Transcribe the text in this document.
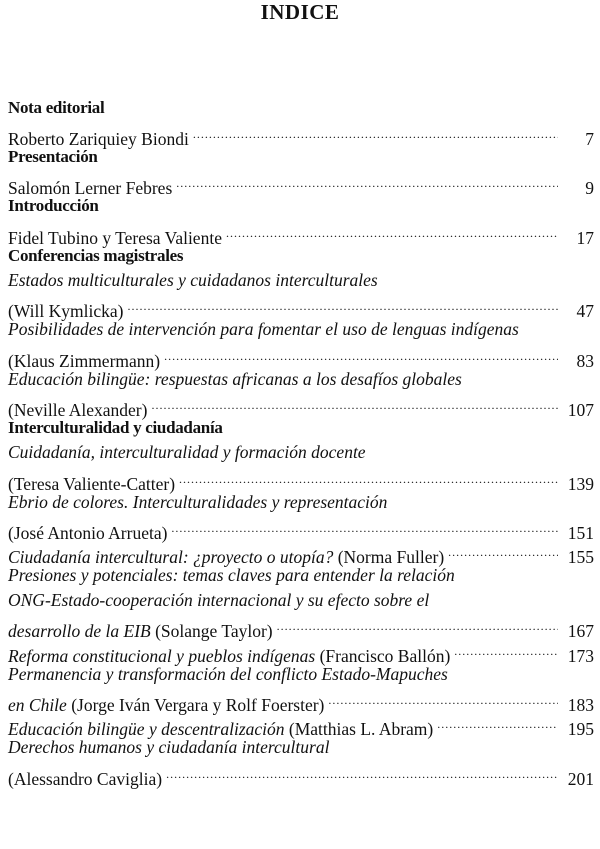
INDICE
Nota editorial
Roberto Zariquiey Biondi .....	7
Presentación
Salomón Lerner Febres .....	9
Introducción
Fidel Tubino y Teresa Valiente .....	17
Conferencias magistrales
Estados multiculturales y cuidadanos interculturales
(Will Kymlicka) .....	47
Posibilidades de intervención para fomentar el uso de lenguas indígenas
(Klaus Zimmermann) .....	83
Educación bilingüe: respuestas africanas a los desafíos globales
(Neville Alexander) .....	107
Interculturalidad y ciudadanía
Cuidadanía, interculturalidad y formación docente
(Teresa Valiente-Catter) .....	139
Ebrio de colores. Interculturalidades y representación
(José Antonio Arrueta) .....	151
Ciudadanía intercultural: ¿proyecto o utopía? (Norma Fuller) .....	155
Presiones y potenciales: temas claves para entender la relación
ONG-Estado-cooperación internacional y su efecto sobre el
desarrollo de la EIB (Solange Taylor) .....	167
Reforma constitucional y pueblos indígenas (Francisco Ballón) .....	173
Permanencia y transformación del conflicto Estado-Mapuches
en Chile (Jorge Iván Vergara y Rolf Foerster) .....	183
Educación bilingüe y descentralización (Matthias L. Abram) .....	195
Derechos humanos y ciudadanía intercultural
(Alessandro Caviglia) .....	201
